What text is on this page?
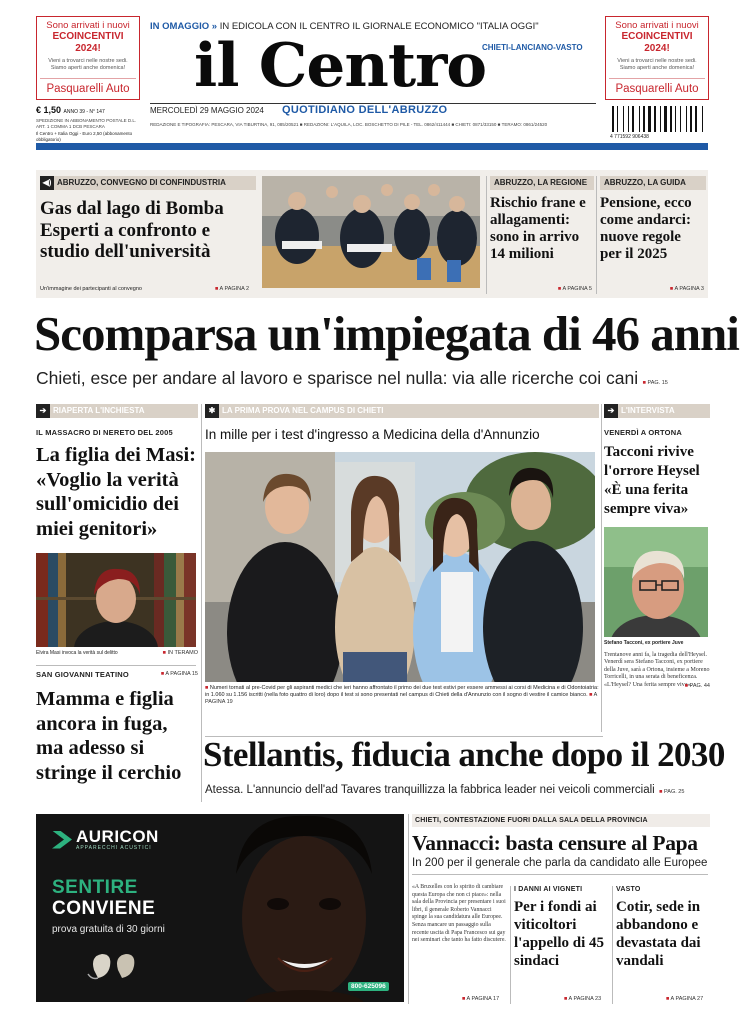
Sono arrivati i nuovi
ECOINCENTIVI 2024!
Vieni a trovarci nelle nostre sedi. Siamo aperti anche domenica!
Pasquarelli Auto
Sono arrivati i nuovi
ECOINCENTIVI 2024!
Vieni a trovarci nelle nostre sedi. Siamo aperti anche domenica!
Pasquarelli Auto
IN OMAGGIO » IN EDICOLA CON IL CENTRO IL GIORNALE ECONOMICO "ITALIA OGGI"
il Centro
CHIETI-LANCIANO-VASTO
MERCOLEDÌ 29 MAGGIO 2024 QUOTIDIANO DELL'ABRUZZO
€ 1,50 ANNO 39 - N° 147
SPEDIZIONE IN ABBONAMENTO POSTALE D.L. ART. 1 COMMA 1 DCB PESCARA
Il Centro + Italia Oggi - Euro 2,50 (abbonamento obbligatorio)
REDAZIONE E TIPOGRAFIA: PESCARA, VIA TIBURTINA, 91, 085/20521 ■ REDAZIONI: L'AQUILA, LOC. BOSCHETTO DI PILE - TEL. 0862/411444 ■ CHIETI: 0871/33150 ■ TERAMO: 0861/24520
4 771592 906438
www.ilcentro.it
◀) ABRUZZO, CONVEGNO DI CONFINDUSTRIA
Gas dal lago di Bomba Esperti a confronto e studio dell'università
Un'immagine dei partecipanti al convegno	■ A PAGINA 2
ABRUZZO, LA REGIONE
Rischio frane e allagamenti: sono in arrivo 14 milioni
■ A PAGINA 5
ABRUZZO, LA GUIDA
Pensione, ecco come andarci: nuove regole per il 2025
■ A PAGINA 3
Scomparsa un'impiegata di 46 anni
Chieti, esce per andare al lavoro e sparisce nel nulla: via alle ricerche coi cani ■ PAG. 15
➔ RIAPERTA L'INCHIESTA
IL MASSACRO DI NERETO DEL 2005
La figlia dei Masi: «Voglio la verità sull'omicidio dei miei genitori»
Elvira Masi invoca la verità sul delitto	■ IN TERAMO
SAN GIOVANNI TEATINO	■ A PAGINA 15
Mamma e figlia ancora in fuga, ma adesso si stringe il cerchio
✱ LA PRIMA PROVA NEL CAMPUS DI CHIETI
In mille per i test d'ingresso a Medicina della d'Annunzio
■ Numeri tornati al pre-Covid per gli aspiranti medici che ieri hanno affrontato il primo dei due test estivi per essere ammessi ai corsi di Medicina e di Odontoiatria: in 1.060 su 1.156 iscritti (nella foto quattro di loro) dopo il test si sono presentati nel campus di Chieti della d'Annunzio con il sogno di vestire il camice bianco. ■ A PAGINA 19
Stellantis, fiducia anche dopo il 2030
Atessa. L'annuncio dell'ad Tavares tranquillizza la fabbrica leader nei veicoli commerciali ■ PAG. 25
➔ L'INTERVISTA
VENERDÌ A ORTONA
Tacconi rivive l'orrore Heysel «È una ferita sempre viva»
Stefano Tacconi, ex portiere Juve
Trentanove anni fa, la tragedia dell'Heysel. Venerdì sera Stefano Tacconi, ex portiere della Juve, sarà a Ortona, insieme a Moreno Torricelli, in una serata di beneficenza. «L'Heysel? Una ferita sempre viva».
■ PAG. 44
AURICON
APPARECCHI ACUSTICI
SENTIRE
CONVIENE
prova gratuita di 30 giorni
800-625096
CHIETI, CONTESTAZIONE FUORI DALLA SALA DELLA PROVINCIA
Vannacci: basta censure al Papa
In 200 per il generale che parla da candidato alle Europee
«A Bruxelles con lo spirito di cambiare questa Europa che non ci piace»: nella sala della Provincia per presentare i suoi libri, il generale Roberto Vannacci spinge la sua candidatura alle Europee. Senza mancare un passaggio sulla recente uscita di Papa Francesco sui gay nei seminari che tanto ha fatto discutere.
■ A PAGINA 17
I DANNI AI VIGNETI
Per i fondi ai viticoltori l'appello di 45 sindaci
■ A PAGINA 23
VASTO
Cotir, sede in abbandono e devastata dai vandali
■ A PAGINA 27
